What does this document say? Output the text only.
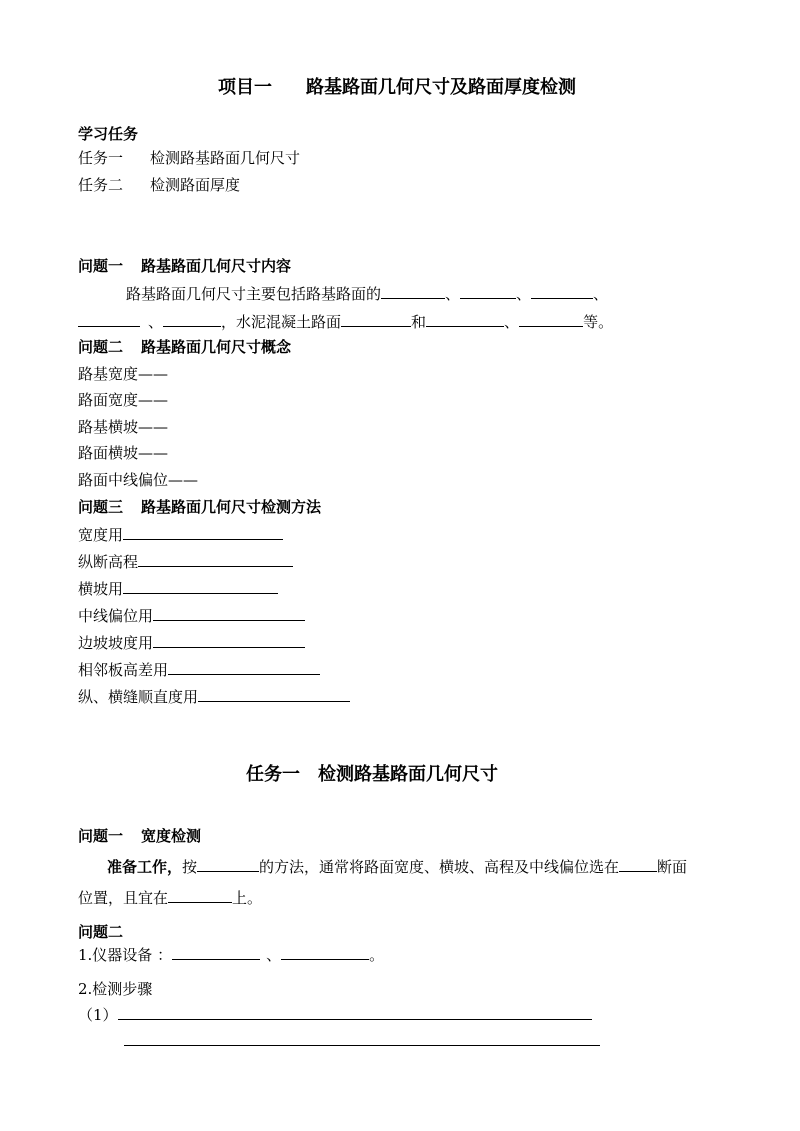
项目一 路基路面几何尺寸及路面厚度检测
学习任务
任务一 检测路基路面几何尺寸
任务二 检测路面厚度
问题一 路基路面几何尺寸内容
路基路面几何尺寸主要包括路基路面的	、	、	、
、	，水泥混凝土路面	和	、	等。
问题二 路基路面几何尺寸概念
路基宽度——
路面宽度——
路基横坡——
路面横坡——
路面中线偏位——
问题三 路基路面几何尺寸检测方法
宽度用
纵断高程
横坡用
中线偏位用
边坡坡度用
相邻板高差用
纵、横缝顺直度用
任务一　检测路基路面几何尺寸
问题一 宽度检测
准备工作，按	的方法，通常将路面宽度、横坡、高程及中线偏位选在	断面
位置，且宜在	上。
问题二
1.仪器设备 ：	、	。
2.检测步骤
（1）
